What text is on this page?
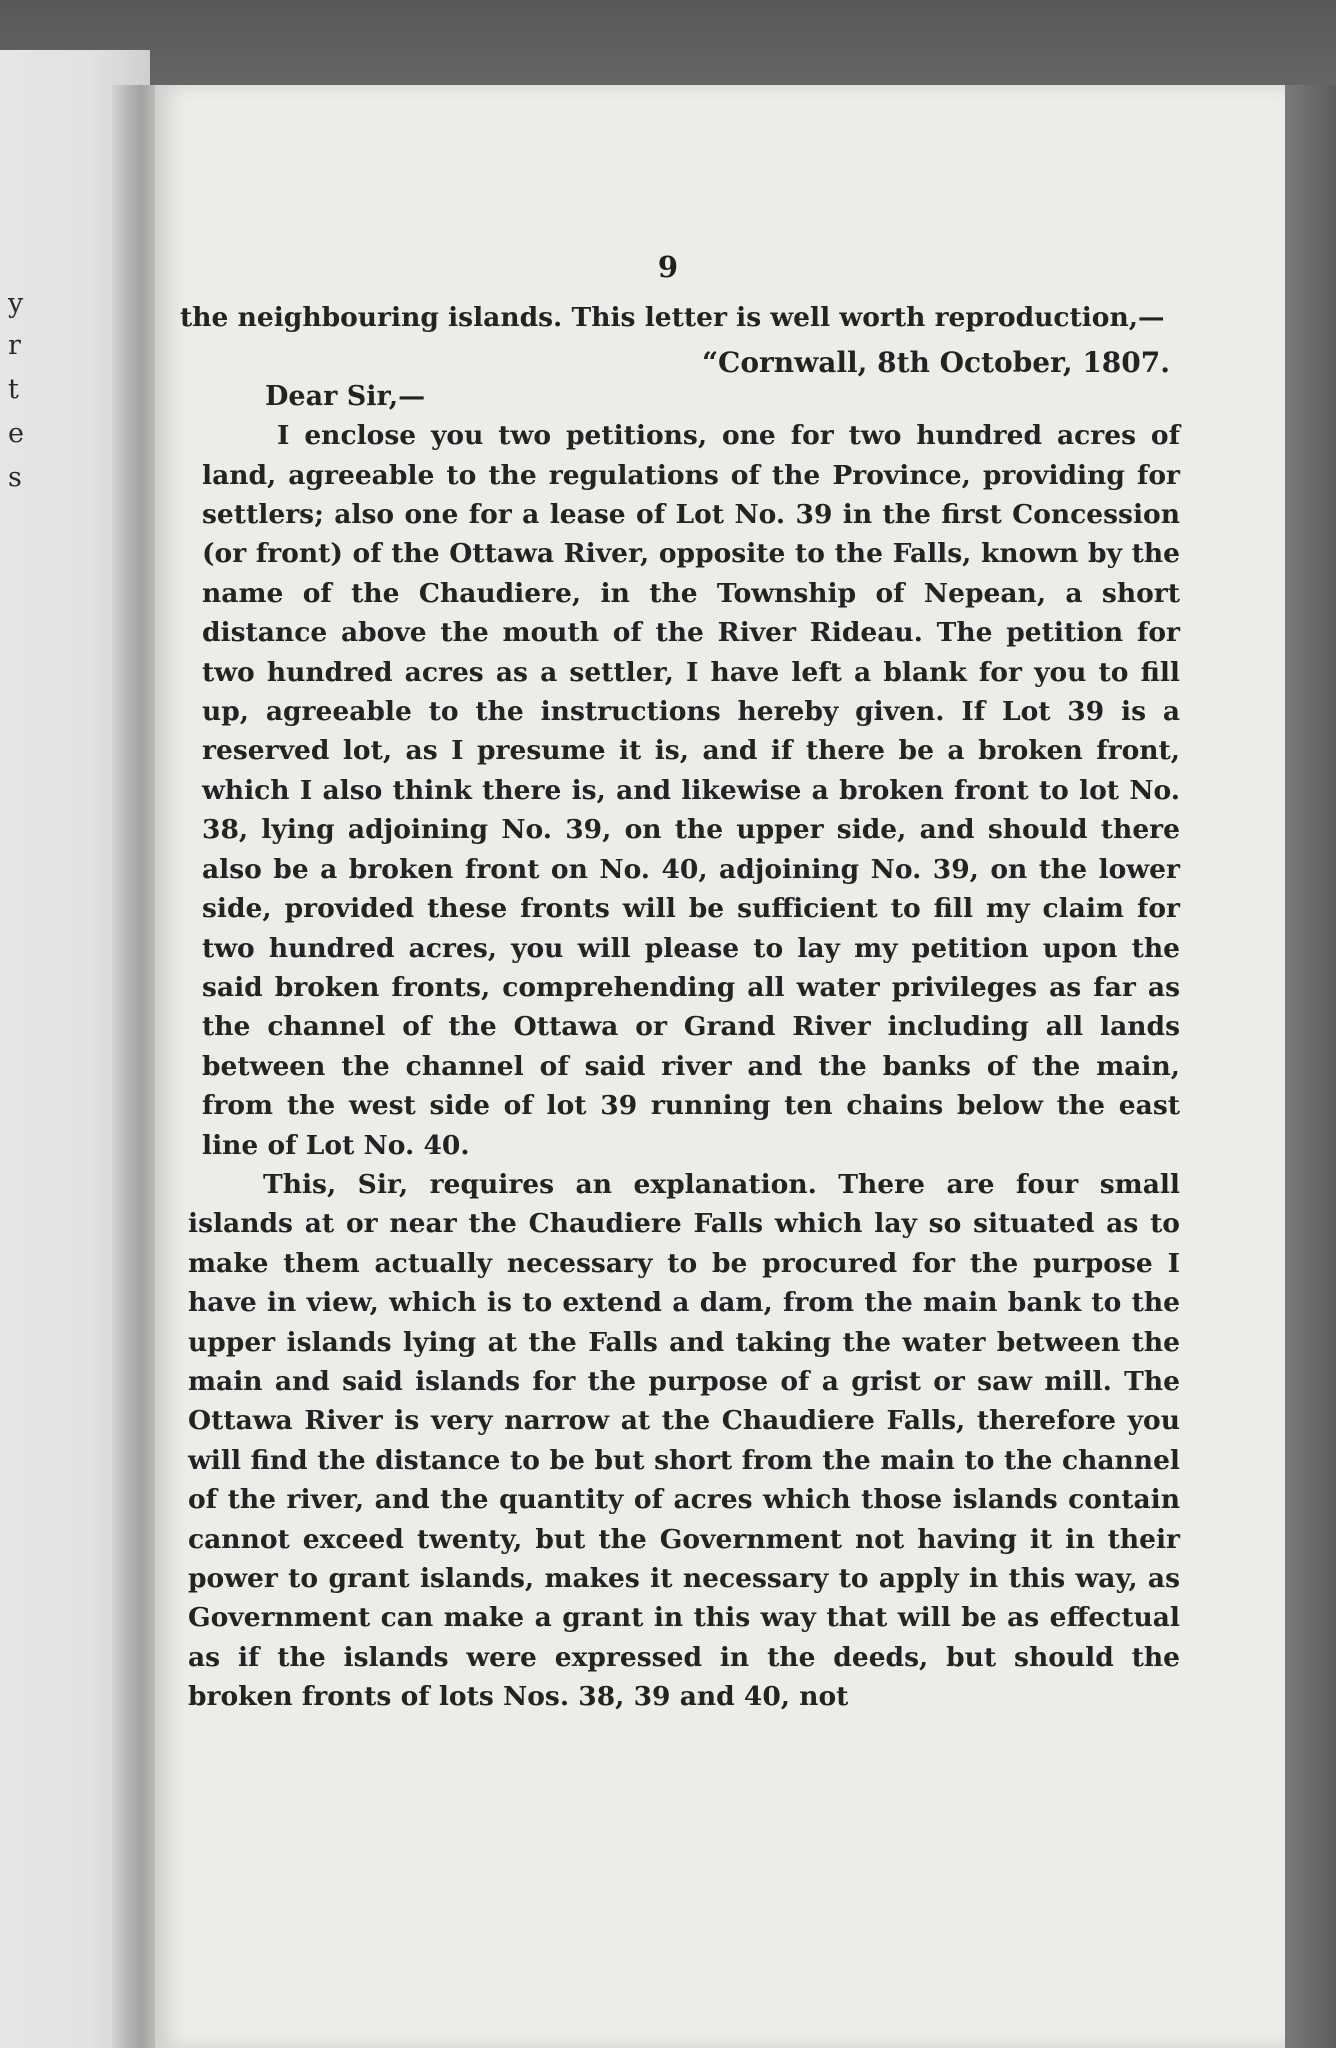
y
r
t
e
s
9

the neighbouring islands. This letter is well worth reproduction,—

“Cornwall, 8th October, 1807.

Dear Sir,—

I enclose you two petitions, one for two hundred acres of land, agreeable to the regulations of the Province, providing for settlers; also one for a lease of Lot No. 39 in the first Concession (or front) of the Ottawa River, opposite to the Falls, known by the name of the Chaudiere, in the Township of Nepean, a short distance above the mouth of the River Rideau. The petition for two hundred acres as a settler, I have left a blank for you to fill up, agreeable to the instructions hereby given. If Lot 39 is a reserved lot, as I presume it is, and if there be a broken front, which I also think there is, and likewise a broken front to lot No. 38, lying adjoining No. 39, on the upper side, and should there also be a broken front on No. 40, adjoining No. 39, on the lower side, provided these fronts will be sufficient to fill my claim for two hundred acres, you will please to lay my petition upon the said broken fronts, comprehending all water privileges as far as the channel of the Ottawa or Grand River including all lands between the channel of said river and the banks of the main, from the west side of lot 39 running ten chains below the east line of Lot No. 40.

This, Sir, requires an explanation. There are four small islands at or near the Chaudiere Falls which lay so situated as to make them actually necessary to be procured for the purpose I have in view, which is to extend a dam, from the main bank to the upper islands lying at the Falls and taking the water between the main and said islands for the purpose of a grist or saw mill. The Ottawa River is very narrow at the Chaudiere Falls, therefore you will find the distance to be but short from the main to the channel of the river, and the quantity of acres which those islands contain cannot exceed twenty, but the Government not having it in their power to grant islands, makes it necessary to apply in this way, as Government can make a grant in this way that will be as effectual as if the islands were expressed in the deeds, but should the broken fronts of lots Nos. 38, 39 and 40, not
